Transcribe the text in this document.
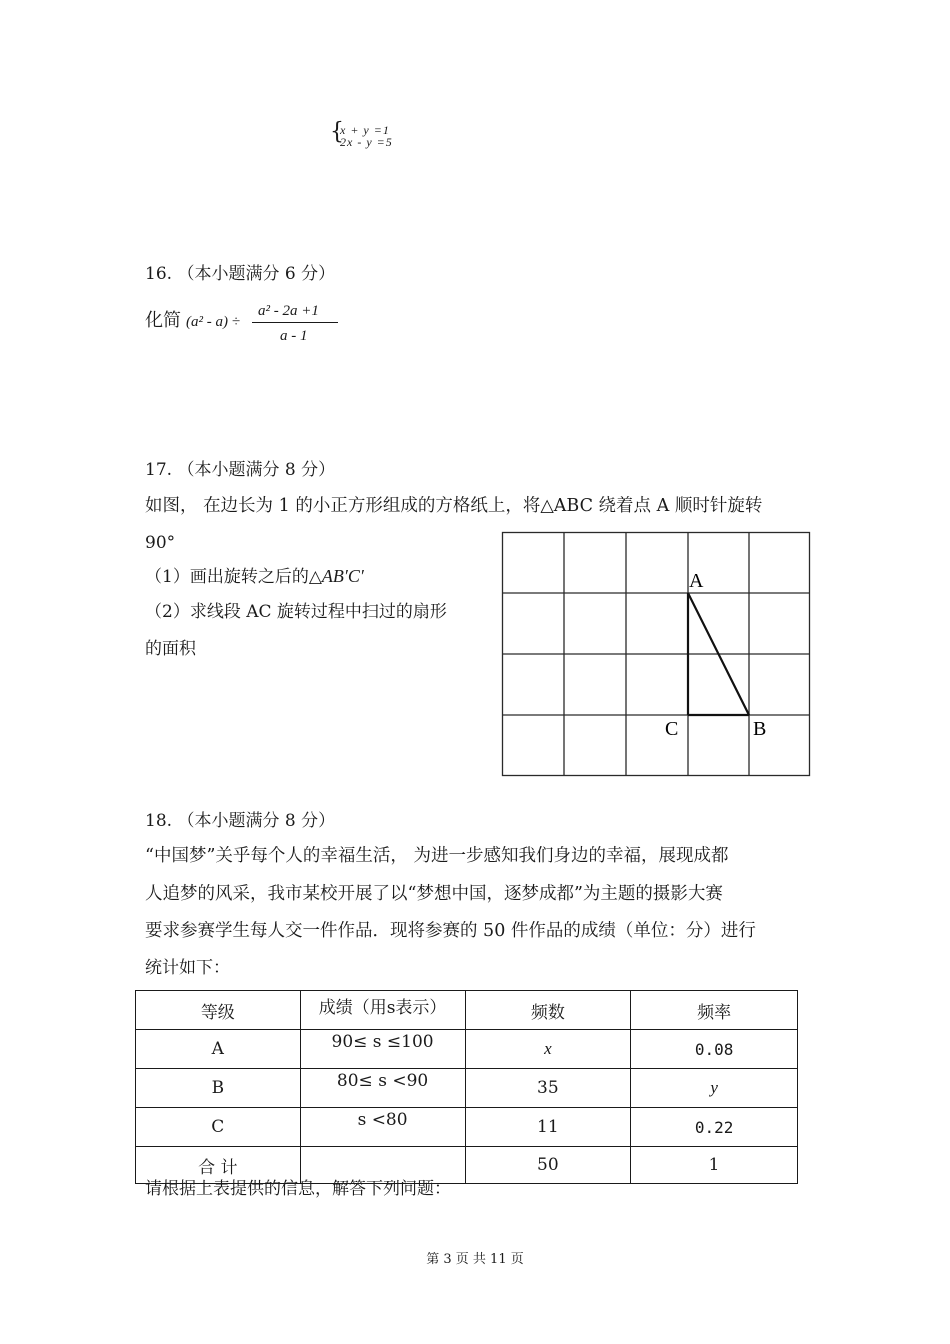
{
x + y =1
2x - y =5
16. （本小题满分 6 分）
化简 (a² - a) ÷
a² - 2a +1
a - 1
17. （本小题满分 8 分）
如图， 在边长为 1 的小正方形组成的方格纸上，将△ABC 绕着点 A 顺时针旋转
90°
（1）画出旋转之后的△AB′C′
（2）求线段 AC 旋转过程中扫过的扇形
的面积
A
C	B
18. （本小题满分 8 分）
“中国梦”关乎每个人的幸福生活， 为进一步感知我们身边的幸福，展现成都
人追梦的风采，我市某校开展了以“梦想中国，逐梦成都”为主题的摄影大赛
要求参赛学生每人交一件作品．现将参赛的 50 件作品的成绩（单位：分）进行
统计如下：
等级	成绩（用s表示）	频数	频率
A	90≤ s ≤100	x	0.08
B	80≤ s <90	35	y
C	s <80	11	0.22
合 计		50	1
请根据上表提供的信息，解答下列问题：
第 3 页 共 11 页
